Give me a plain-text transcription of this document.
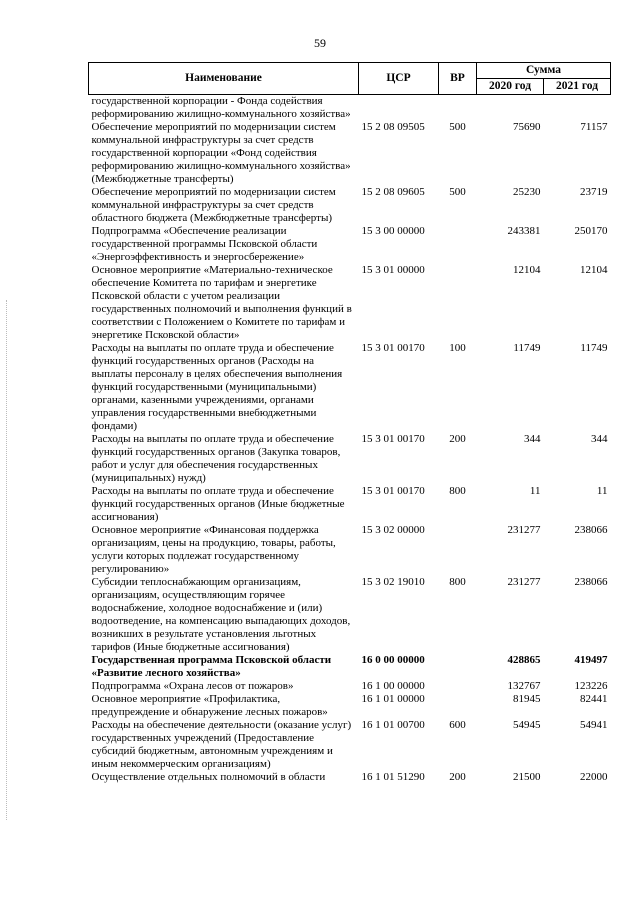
59
Наименование	ЦСР	ВР	Сумма	
			2020 год	2021 год
государственной корпорации - Фонда содействия реформированию жилищно-коммунального хозяйства»				
Обеспечение мероприятий по модернизации систем коммунальной инфраструктуры за счет средств государственной корпорации «Фонд содействия реформированию жилищно-коммунального хозяйства» (Межбюджетные трансферты)	15 2 08 09505	500	75690	71157
Обеспечение мероприятий по модернизации систем коммунальной инфраструктуры за счет средств областного бюджета (Межбюджетные трансферты)	15 2 08 09605	500	25230	23719
Подпрограмма «Обеспечение реализации государственной программы Псковской области «Энергоэффективность и энергосбережение»	15 3 00 00000		243381	250170
Основное мероприятие «Материально-техническое обеспечение Комитета по тарифам и энергетике Псковской области с учетом реализации государственных полномочий и выполнения функций в соответствии с Положением о Комитете по тарифам и энергетике Псковской области»	15 3 01 00000		12104	12104
Расходы на выплаты по оплате труда и обеспечение функций государственных органов (Расходы на выплаты персоналу в целях обеспечения выполнения функций государственными (муниципальными) органами, казенными учреждениями, органами управления государственными внебюджетными фондами)	15 3 01 00170	100	11749	11749
Расходы на выплаты по оплате труда и обеспечение функций государственных органов (Закупка товаров, работ и услуг для обеспечения государственных (муниципальных) нужд)	15 3 01 00170	200	344	344
Расходы на выплаты по оплате труда и обеспечение функций государственных органов (Иные бюджетные ассигнования)	15 3 01 00170	800	11	11
Основное мероприятие «Финансовая поддержка организациям, цены на продукцию, товары, работы, услуги которых подлежат государственному регулированию»	15 3 02 00000		231277	238066
Субсидии теплоснабжающим организациям, организациям, осуществляющим горячее водоснабжение, холодное водоснабжение и (или) водоотведение, на компенсацию выпадающих доходов, возникших в результате установления льготных тарифов (Иные бюджетные ассигнования)	15 3 02 19010	800	231277	238066
Государственная программа Псковской области «Развитие лесного хозяйства»	16 0 00 00000		428865	419497
Подпрограмма «Охрана лесов от пожаров»	16 1 00 00000		132767	123226
Основное мероприятие «Профилактика, предупреждение и обнаружение лесных пожаров»	16 1 01 00000		81945	82441
Расходы на обеспечение деятельности (оказание услуг) государственных учреждений (Предоставление субсидий бюджетным, автономным учреждениям и иным некоммерческим организациям)	16 1 01 00700	600	54945	54941
Осуществление отдельных полномочий в области	16 1 01 51290	200	21500	22000
